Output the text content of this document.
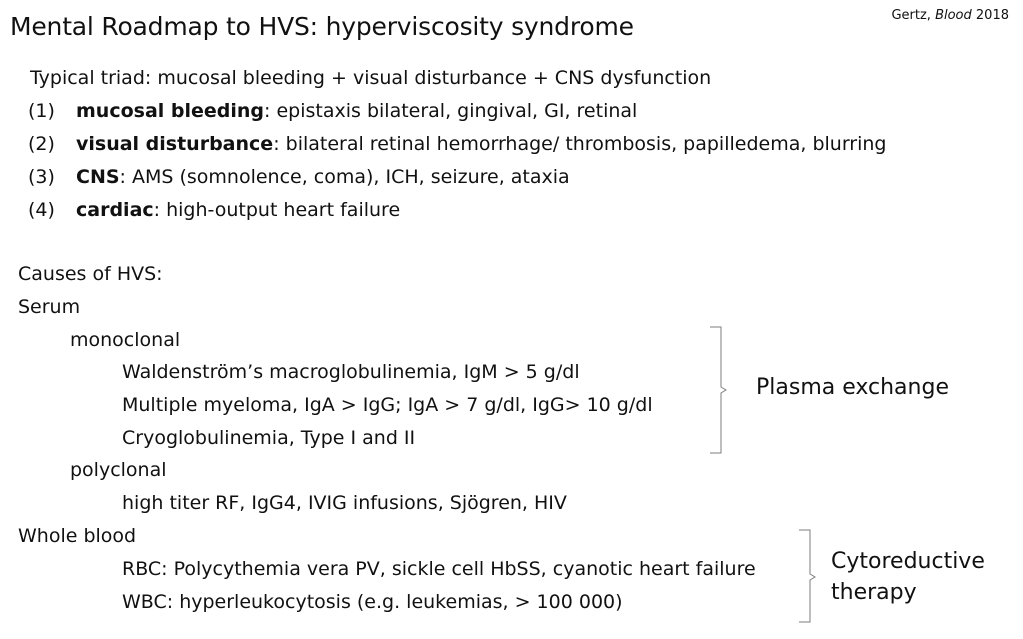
Mental Roadmap to HVS: hyperviscosity syndrome	Gertz, Blood 2018
Typical triad: mucosal bleeding + visual disturbance + CNS dysfunction
(1) mucosal bleeding: epistaxis bilateral, gingival, GI, retinal
(2) visual disturbance: bilateral retinal hemorrhage/ thrombosis, papilledema, blurring
(3) CNS: AMS (somnolence, coma), ICH, seizure, ataxia
(4) cardiac: high-output heart failure
Causes of HVS:
Serum
monoclonal
Waldenström’s macroglobulinemia, IgM > 5 g/dl
Multiple myeloma, IgA > IgG; IgA > 7 g/dl, IgG> 10 g/dl
Cryoglobulinemia, Type I and II
polyclonal
high titer RF, IgG4, IVIG infusions, Sjögren, HIV
Whole blood
RBC: Polycythemia vera PV, sickle cell HbSS, cyanotic heart failure
WBC: hyperleukocytosis (e.g. leukemias, > 100 000)
Plasma exchange
Cytoreductive
therapy
